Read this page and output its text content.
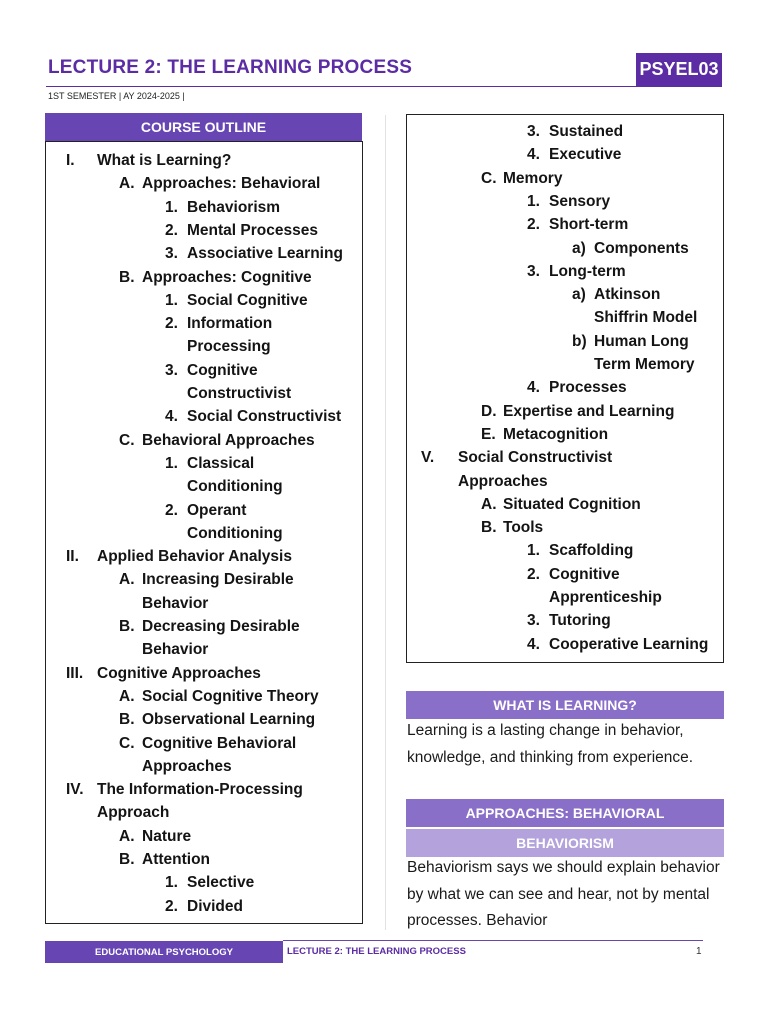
LECTURE 2: THE LEARNING PROCESS	PSYEL03
1ST SEMESTER | AY 2024-2025 |
COURSE OUTLINE
I. What is Learning?
A. Approaches: Behavioral
1. Behaviorism
2. Mental Processes
3. Associative Learning
B. Approaches: Cognitive
1. Social Cognitive
2. Information
Processing
3. Cognitive
Constructivist
4. Social Constructivist
C. Behavioral Approaches
1. Classical
Conditioning
2. Operant
Conditioning
II. Applied Behavior Analysis
A. Increasing Desirable
Behavior
B. Decreasing Desirable
Behavior
III. Cognitive Approaches
A. Social Cognitive Theory
B. Observational Learning
C. Cognitive Behavioral
Approaches
IV. The Information-Processing
Approach
A. Nature
B. Attention
1. Selective
2. Divided
3. Sustained
4. Executive
C. Memory
1. Sensory
2. Short-term
a) Components
3. Long-term
a) Atkinson
Shiffrin Model
b) Human Long
Term Memory
4. Processes
D. Expertise and Learning
E. Metacognition
V. Social Constructivist
Approaches
A. Situated Cognition
B. Tools
1. Scaffolding
2. Cognitive
Apprenticeship
3. Tutoring
4. Cooperative Learning
WHAT IS LEARNING?

Learning is a lasting change in behavior, knowledge, and thinking from experience.

APPROACHES: BEHAVIORAL
BEHAVIORISM

Behaviorism says we should explain behavior by what we can see and hear, not by mental processes. Behavior

EDUCATIONAL PSYCHOLOGY	LECTURE 2: THE LEARNING PROCESS	1
